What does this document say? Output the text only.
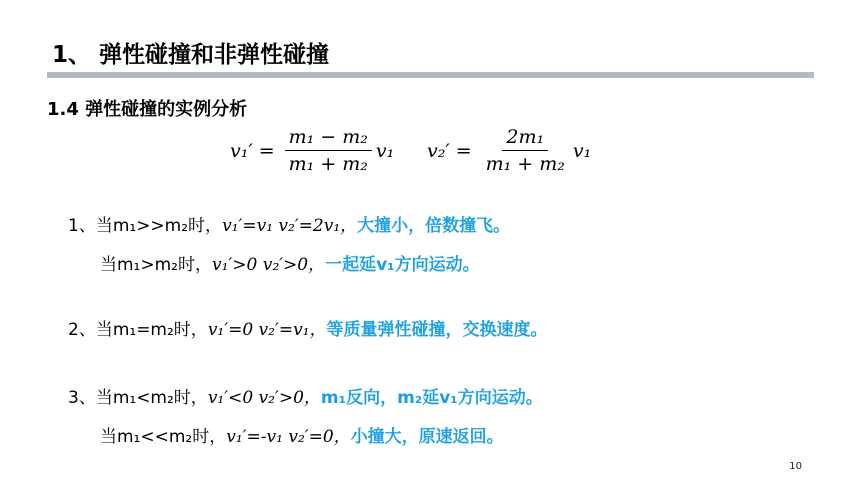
1、 弹性碰撞和非弹性碰撞
1.4 弹性碰撞的实例分析
$v_1' = \frac{\text{m₁ − m₂}}{\text{m₁ + m₂}} v_1$ $v_2' = \frac{\text{2m₁}}{\text{m₁ + m₂}} v_1$
1、当m₁>>m₂时，v₁′=v₁ v₂′=2v₁，大撞小，倍数撞飞。
当m₁>m₂时，v₁′>0 v₂′>0，一起延v₁方向运动。
2、当m₁=m₂时，v₁′=0 v₂′=v₁，等质量弹性碰撞，交换速度。
3、当m₁<m₂时，v₁′<0 v₂′>0，m₁反向，m₂延v₁方向运动。
当m₁<<m₂时，v₁′=-v₁ v₂′=0，小撞大，原速返回。
10
